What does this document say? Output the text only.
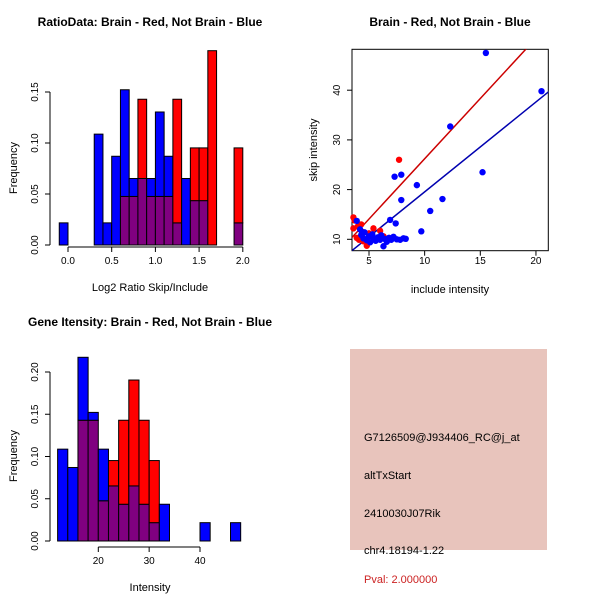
0.00
0.05
0.10
0.15
0.0	0.5	1.0	1.5	2.0
RatioData: Brain - Red, Not Brain - Blue
Frequency
Log2 Ratio Skip/Include
5	10	15	20
10
20
30
40
Brain - Red, Not Brain - Blue
skip intensity
include intensity
0.00
0.05
0.10
0.15
0.20
20	30	40
Gene Itensity: Brain - Red, Not Brain - Blue
Frequency
Intensity
G7126509@J934406_RC@j_at
altTxStart
2410030J07Rik
chr4.18194-1.22
Pval: 2.000000
